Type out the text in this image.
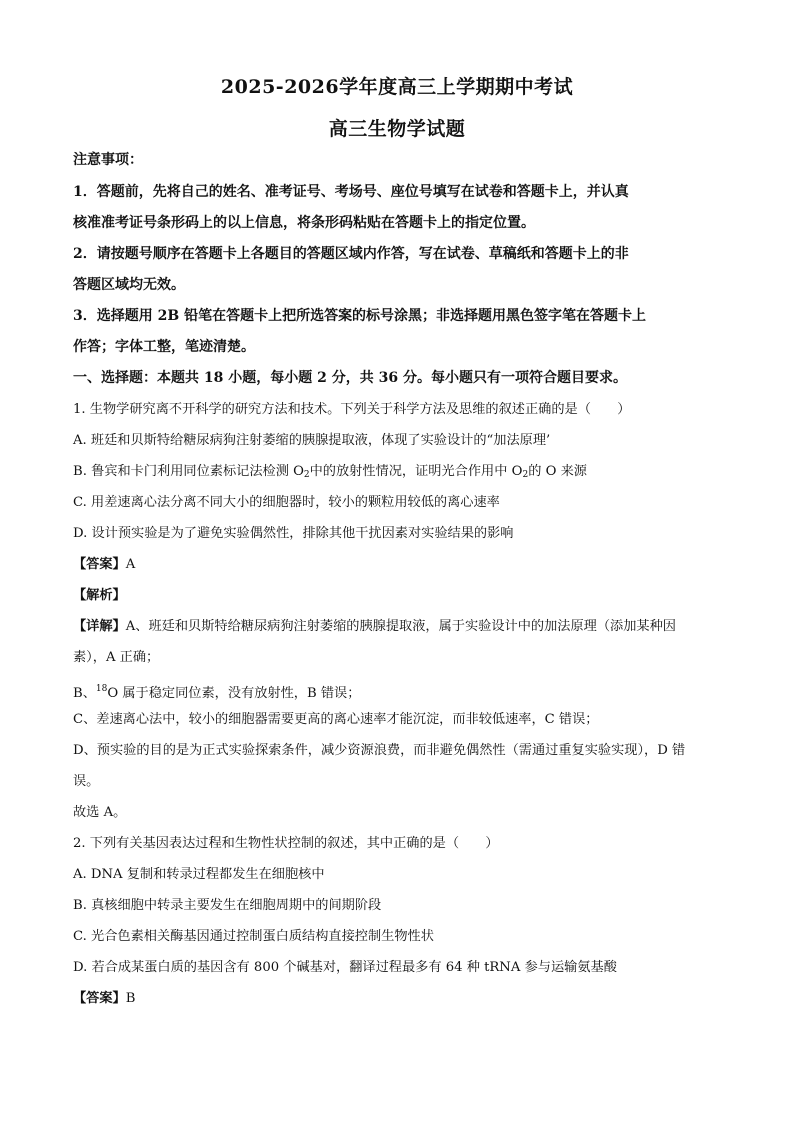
2025-2026学年度高三上学期期中考试
高三生物学试题
注意事项：
1．答题前，先将自己的姓名、准考证号、考场号、座位号填写在试卷和答题卡上，并认真
核准准考证号条形码上的以上信息，将条形码粘贴在答题卡上的指定位置。
2．请按题号顺序在答题卡上各题目的答题区域内作答，写在试卷、草稿纸和答题卡上的非
答题区域均无效。
3．选择题用 2B 铅笔在答题卡上把所选答案的标号涂黑；非选择题用黑色签字笔在答题卡上
作答；字体工整，笔迹清楚。
一、选择题：本题共 18 小题，每小题 2 分，共 36 分。每小题只有一项符合题目要求。
1. 生物学研究离不开科学的研究方法和技术。下列关于科学方法及思维的叙述正确的是（　　）
A. 班廷和贝斯特给糖尿病狗注射萎缩的胰腺提取液，体现了实验设计的“加法原理’
B. 鲁宾和卡门利用同位素标记法检测 $O_2$中的放射性情况，证明光合作用中 $O_2$的 O 来源
C. 用差速离心法分离不同大小的细胞器时，较小的颗粒用较低的离心速率
D. 设计预实验是为了避免实验偶然性，排除其他干扰因素对实验结果的影响
【答案】A
【解析】
【详解】A、班廷和贝斯特给糖尿病狗注射萎缩的胰腺提取液，属于实验设计中的加法原理（添加某种因
素），A 正确；
B、$^{18}$O 属于稳定同位素，没有放射性，B 错误；
C、差速离心法中，较小的细胞器需要更高的离心速率才能沉淀，而非较低速率，C 错误；
D、预实验的目的是为正式实验探索条件，减少资源浪费，而非避免偶然性（需通过重复实验实现），D 错
误。
故选 A。
2. 下列有关基因表达过程和生物性状控制的叙述，其中正确的是（　　）
A. DNA 复制和转录过程都发生在细胞核中
B. 真核细胞中转录主要发生在细胞周期中的间期阶段
C. 光合色素相关酶基因通过控制蛋白质结构直接控制生物性状
D. 若合成某蛋白质的基因含有 800 个碱基对，翻译过程最多有 64 种 tRNA 参与运输氨基酸
【答案】B
